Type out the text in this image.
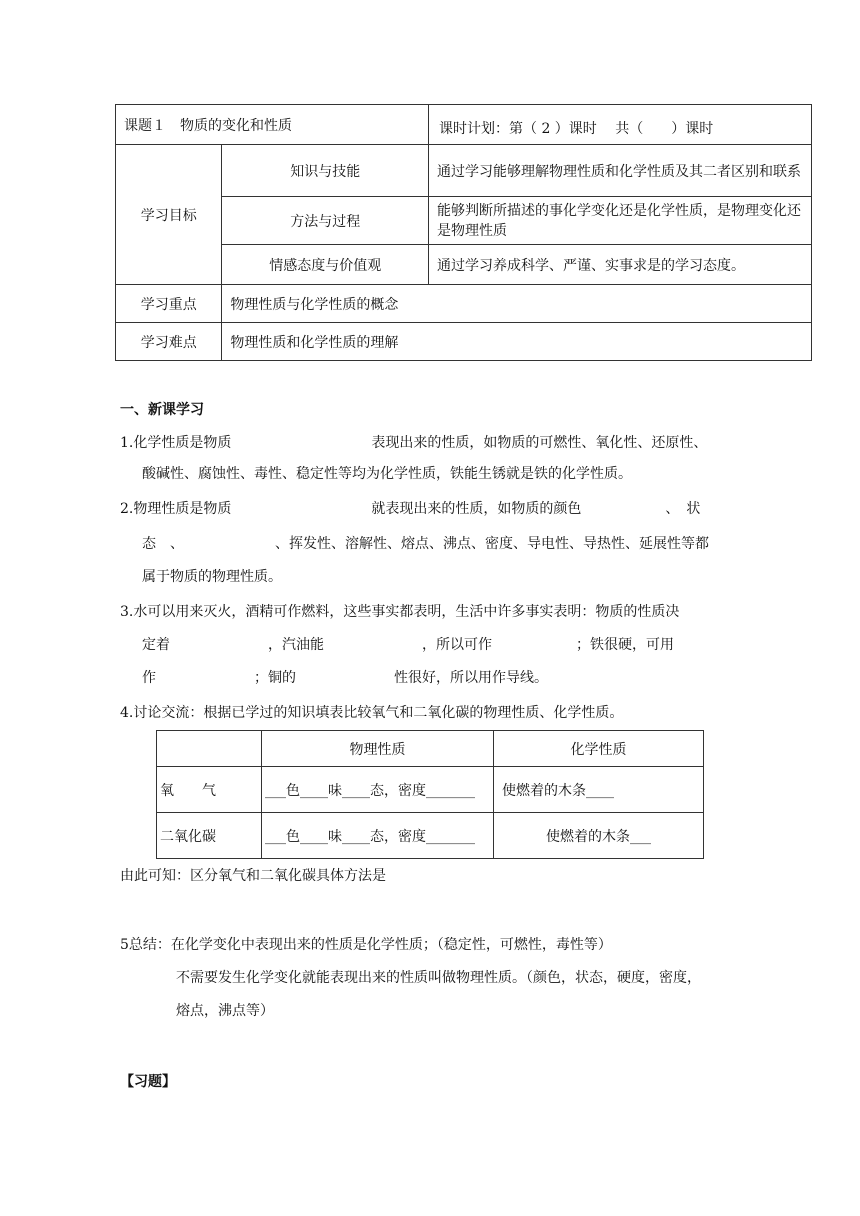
课题１　物质的变化和性质		课时计划：第（ 2 ）课时　 共（　　）课时
学习目标	知识与技能	通过学习能够理解物理性质和化学性质及其二者区别和联系
	方法与过程	能够判断所描述的事化学变化还是化学性质，是物理变化还是物理性质
	情感态度与价值观	通过学习养成科学、严谨、实事求是的学习态度。
学习重点	物理性质与化学性质的概念	
学习难点	物理性质和化学性质的理解	
一、新课学习
1.化学性质是物质　　　　　　　　　　表现出来的性质，如物质的可燃性、氧化性、还原性、
酸碱性、腐蚀性、毒性、稳定性等均为化学性质，铁能生锈就是铁的化学性质。
2.物理性质是物质　　　　　　　　　　就表现出来的性质，如物质的颜色　　　　　　、　状
态　、　　　　　　　、挥发性、溶解性、熔点、沸点、密度、导电性、导热性、延展性等都
属于物质的物理性质。
3.水可以用来灭火，酒精可作燃料，这些事实都表明，生活中许多事实表明：物质的性质决
定着　　　　　　　，汽油能　　　　　　　，所以可作　　　　　　；铁很硬，可用
作　　　　　　　；铜的　　　　　　　性很好，所以用作导线。
4.讨论交流：根据已学过的知识填表比较氧气和二氧化碳的物理性质、化学性质。
	物理性质	化学性质
氧　　气	___色____味____态，密度_______	使燃着的木条____
二氧化碳	___色____味____态，密度_______	使燃着的木条___
由此可知：区分氧气和二氧化碳具体方法是
5总结：在化学变化中表现出来的性质是化学性质；（稳定性，可燃性，毒性等）
不需要发生化学变化就能表现出来的性质叫做物理性质。（颜色，状态，硬度，密度，
熔点，沸点等）
【习题】
